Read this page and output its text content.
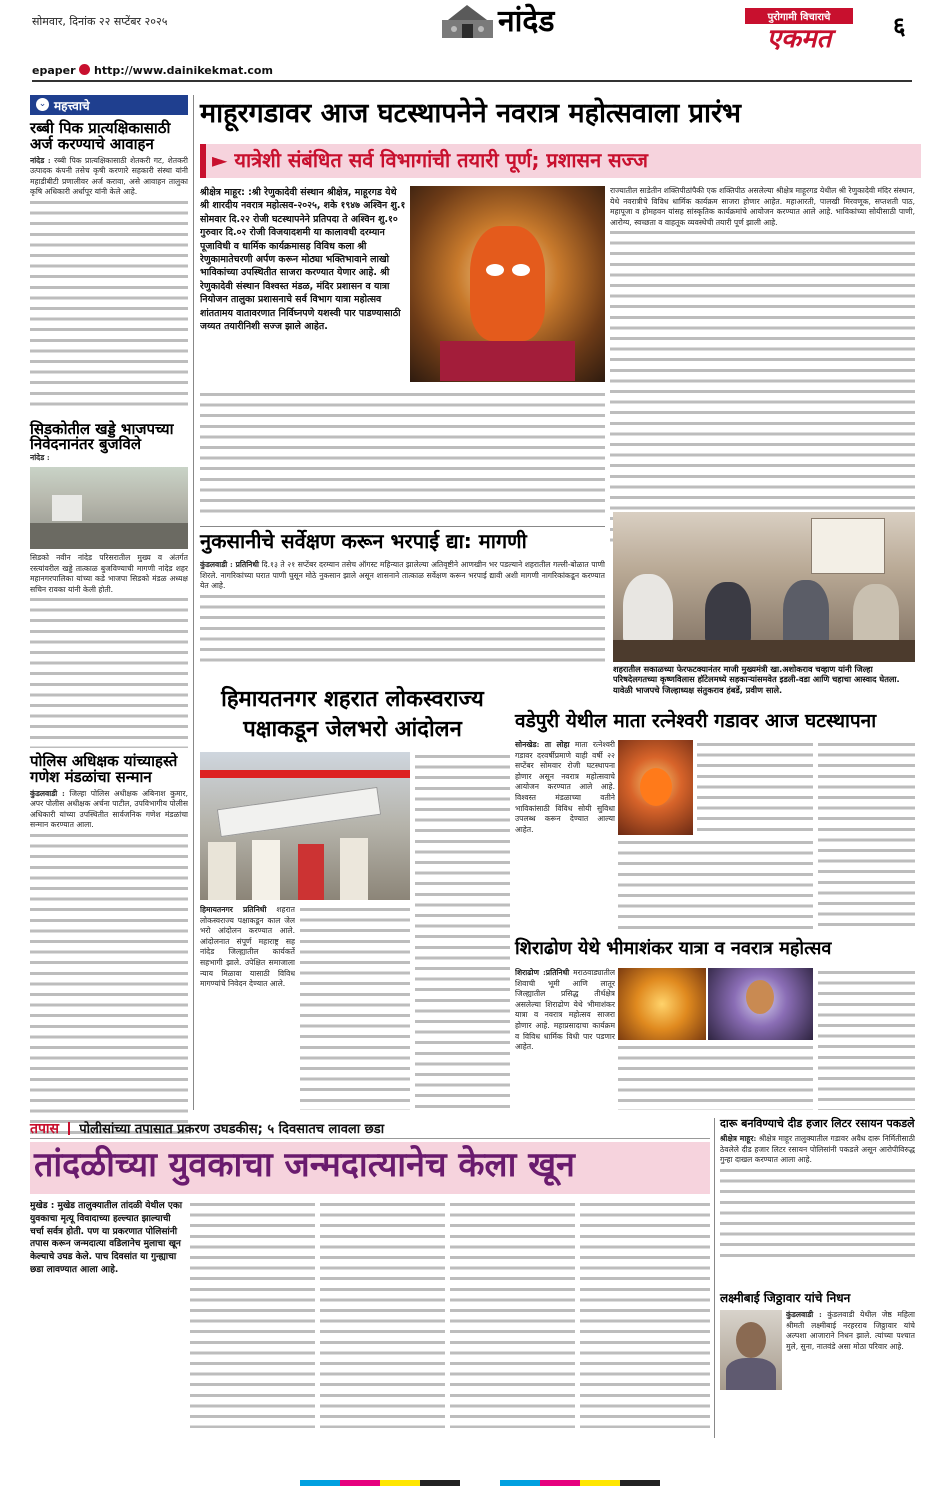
सोमवार, दिनांक २२ सप्टेंबर २०२५	नांदेड	पुरोगामी विचाराचे
एकमत	६
epaper http://www.dainikekmat.com
⌄ महत्त्वाचे
रब्बी पिक प्रात्यक्षिकासाठी अर्ज करण्याचे आवाहन
नांदेड : रब्बी पिक प्रात्यक्षिकासाठी शेतकरी गट, शेतकरी उत्पादक कंपनी तसेच कृषी करणारे सहकारी संस्था यांनी महाडीबीटी प्रणालीवर अर्ज करावा, असे आवाहन तालुका कृषि अधिकारी अर्धापूर यांनी केले आहे.
सिडकोतील खड्डे भाजपच्या निवेदनानंतर बुजविले
नांदेड :
सिडको नवीन नांदेड परिसरातील मुख्य व अंतर्गत रस्त्यांवरील खड्डे तात्काळ बुजविण्याची मागणी नांदेड शहर महानगरपालिका यांच्या कडे भाजपा सिडको मंडळ अध्यक्ष सचिन रावका यांनी केली होती.
पोलिस अधिक्षक यांच्याहस्ते गणेश मंडळांचा सन्मान
कुंडलवाडी : जिल्हा पोलिस अधीक्षक अबिनाश कुमार, अपर पोलीस अधीक्षक अर्चना पाटील, उपविभागीय पोलीस अधिकारी यांच्या उपस्थितीत सार्वजनिक गणेश मंडळांचा सन्मान करण्यात आला.
माहूरगडावर आज घटस्थापनेने नवरात्र महोत्सवाला प्रारंभ
► यात्रेशी संबंधित सर्व विभागांची तयारी पूर्ण; प्रशासन सज्ज
श्रीक्षेत्र माहूर: :श्री रेणुकादेवी संस्थान श्रीक्षेत्र, माहूरगड येथे श्री शारदीय नवरात्र महोत्सव-२०२५, शके १९४७ अश्विन शु.१ सोमवार दि.२२ रोजी घटस्थापनेने प्रतिपदा ते अश्विन शु.१० गुरुवार दि.०२ रोजी विजयादशमी या कालावधी दरम्यान पूजाविधी व धार्मिक कार्यक्रमासह विविध कला श्री रेणुकामातेचरणी अर्पण करून मोठ्या भक्तिभावाने लाखो भाविकांच्या उपस्थितीत साजरा करण्यात येणार आहे. श्री रेणुकादेवी संस्थान विश्वस्त मंडळ, मंदिर प्रशासन व यात्रा नियोजन तालुका प्रशासनाचे सर्व विभाग यात्रा महोत्सव शांततामय वातावरणात निर्विघ्नपणे यशस्वी पार पाडण्यासाठी जय्यत तयारीनिशी सज्ज झाले आहेत.
राज्यातील साडेतीन शक्तिपीठांपैकी एक शक्तिपीठ असलेल्या श्रीक्षेत्र माहूरगड येथील श्री रेणुकादेवी मंदिर संस्थान, येथे नवरात्रीचे विविध धार्मिक कार्यक्रम साजरा होणार आहेत. महाआरती, पालखी मिरवणूक, सप्तशती पाठ, महापूजा व होमहवन यांसह सांस्कृतिक कार्यक्रमांचे आयोजन करण्यात आले आहे. भाविकांच्या सोयीसाठी पाणी, आरोग्य, स्वच्छता व वाहतूक व्यवस्थेची तयारी पूर्ण झाली आहे.
नुकसानीचे सर्वेक्षण करून भरपाई द्या: मागणी
कुंडलवाडी : प्रतिनिधी दि.१३ ते २१ सप्टेंबर दरम्यान तसेच ऑगस्ट महिन्यात झालेल्या अतिवृष्टीने आणखीन भर पडल्याने शहरातील गल्ली-बोळात पाणी शिरले. नागरिकांच्या घरात पाणी घुसून मोठे नुकसान झाले असून शासनाने तात्काळ सर्वेक्षण करून भरपाई द्यावी अशी मागणी नागरिकांकडून करण्यात येत आहे.
शहरातील सकाळच्या फेरफटक्यानंतर माजी मुख्यमंत्री खा.अशोकराव चव्हाण यांनी जिल्हा परिषदेलगतच्या कृष्णविलास हॉटेलमध्ये सहकाऱ्यांसमवेत इडली-वडा आणि चहाचा आस्वाद घेतला. यावेळी भाजपचे जिल्हाध्यक्ष संतुकराव हंबर्डे, प्रवीण साले.
हिमायतनगर शहरात लोकस्वराज्य पक्षाकडून जेलभरो आंदोलन
हिमायतनगर प्रतिनिधी शहरात लोकस्वराज्य पक्षाकडून काल जेल भरो आंदोलन करण्यात आले. आंदोलनात संपूर्ण महाराष्ट्र सह नांदेड जिल्ह्यातील कार्यकर्ते सहभागी झाले. उपेक्षित समाजाला न्याय मिळावा यासाठी विविध मागण्यांचे निवेदन देण्यात आले.
वडेपुरी येथील माता रत्नेश्वरी गडावर आज घटस्थापना
सोनखेड: ता लोहा माता रत्नेश्वरी गडावर दरवर्षीप्रमाणे याही वर्षी २२ सप्टेंबर सोमवार रोजी घटस्थापना होणार असून नवरात्र महोत्सवाचे आयोजन करण्यात आले आहे. विश्वस्त मंडळाच्या वतीने भाविकांसाठी विविध सोयी सुविधा उपलब्ध करून देण्यात आल्या आहेत.
शिराढोण येथे भीमाशंकर यात्रा व नवरात्र महोत्सव
शिराढोण :प्रतिनिधी मराठवाड्यातील शिवाची भूमी आणि लातूर जिल्ह्यातील प्रसिद्ध तीर्थक्षेत्र असलेल्या शिराढोण येथे भीमाशंकर यात्रा व नवरात्र महोत्सव साजरा होणार आहे. महाप्रसादाचा कार्यक्रम व विविध धार्मिक विधी पार पडणार आहेत.
तपास पोलीसांच्या तपासात प्रकरण उघडकीस; ५ दिवसातच लावला छडा
तांदळीच्या युवकाचा जन्मदात्यानेच केला खून
मुखेड : मुखेड तालुक्यातील तांदळी येथील एका युवकाचा मृत्यू विवादाच्या हल्ल्यात झाल्याची चर्चा सर्वत्र होती. पण या प्रकरणात पोलिसांनी तपास करून जन्मदात्या वडिलानेच मुलाचा खून केल्याचे उघड केले. पाच दिवसांत या गुन्ह्याचा छडा लावण्यात आला आहे.
दारू बनविण्याचे दीड हजार लिटर रसायन पकडले
श्रीक्षेत्र माहूर: श्रीक्षेत्र माहूर तालुक्यातील गडावर अवैध दारू निर्मितीसाठी ठेवलेले दीड हजार लिटर रसायन पोलिसांनी पकडले असून आरोपीविरुद्ध गुन्हा दाखल करण्यात आला आहे.
लक्ष्मीबाई जिठ्ठावार यांचे निधन
कुंडलवाडी : कुंडलवाडी येथील जेष्ठ महिला श्रीमती लक्ष्मीबाई नरहरराव जिठ्ठावार यांचे अल्पशा आजाराने निधन झाले. त्यांच्या पश्चात मुले, सुना, नातवंडे असा मोठा परिवार आहे.
